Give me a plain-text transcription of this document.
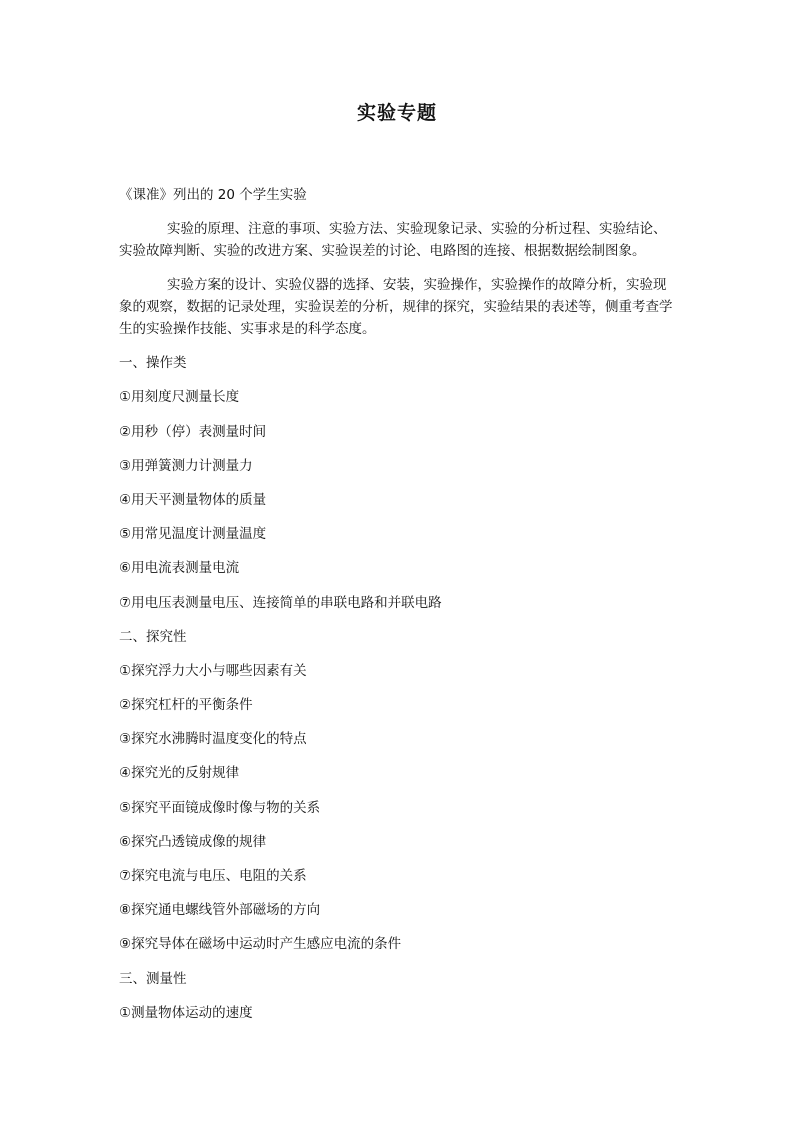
实验专题

《课准》列出的 20 个学生实验

实验的原理、注意的事项、实验方法、实验现象记录、实验的分析过程、实验结论、实验故障判断、实验的改进方案、实验误差的讨论、电路图的连接、根据数据绘制图象。

实验方案的设计、实验仪器的选择、安装，实验操作，实验操作的故障分析，实验现象的观察，数据的记录处理，实验误差的分析，规律的探究，实验结果的表述等，侧重考查学生的实验操作技能、实事求是的科学态度。

一、操作类

①用刻度尺测量长度

②用秒（停）表测量时间

③用弹簧测力计测量力

④用天平测量物体的质量

⑤用常见温度计测量温度

⑥用电流表测量电流

⑦用电压表测量电压、连接简单的串联电路和并联电路

二、探究性

①探究浮力大小与哪些因素有关

②探究杠杆的平衡条件

③探究水沸腾时温度变化的特点

④探究光的反射规律

⑤探究平面镜成像时像与物的关系

⑥探究凸透镜成像的规律

⑦探究电流与电压、电阻的关系

⑧探究通电螺线管外部磁场的方向

⑨探究导体在磁场中运动时产生感应电流的条件

三、测量性

①测量物体运动的速度
